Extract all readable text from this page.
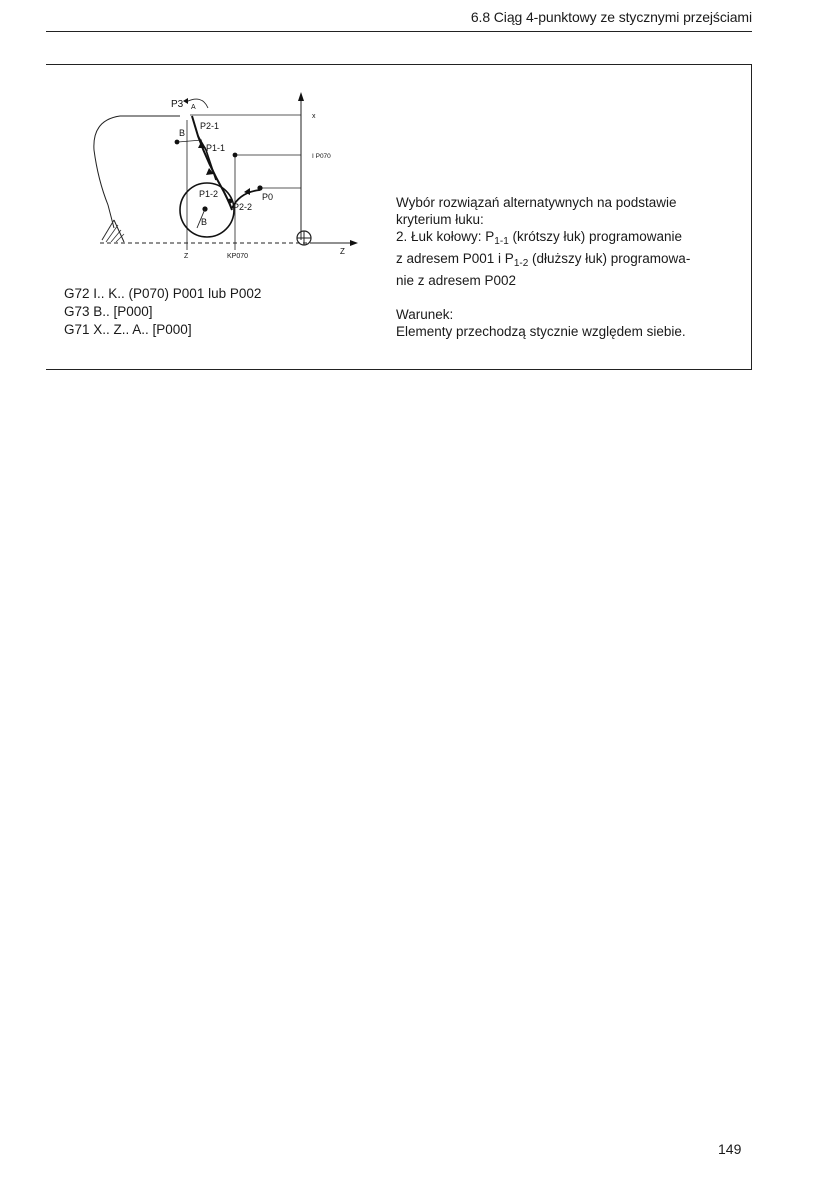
6.8 Ciąg 4-punktowy ze stycznymi przejściami
P3 A
x
B
P2-1
P1-1
I P070
P1-2
P2-2
P0
B
Z	KP070
Z
G72 I.. K.. (P070) P001 lub P002
G73 B.. [P000]
G71 X.. Z.. A.. [P000]
Wybór rozwiązań alternatywnych na podstawie
kryterium łuku:
2. Łuk kołowy: $P_{1-1}$ (krótszy łuk) programowanie
z adresem P001 i $P_{1-2}$ (dłuższy łuk) programowa-
nie z adresem P002
Warunek:
Elementy przechodzą stycznie względem siebie.
149
